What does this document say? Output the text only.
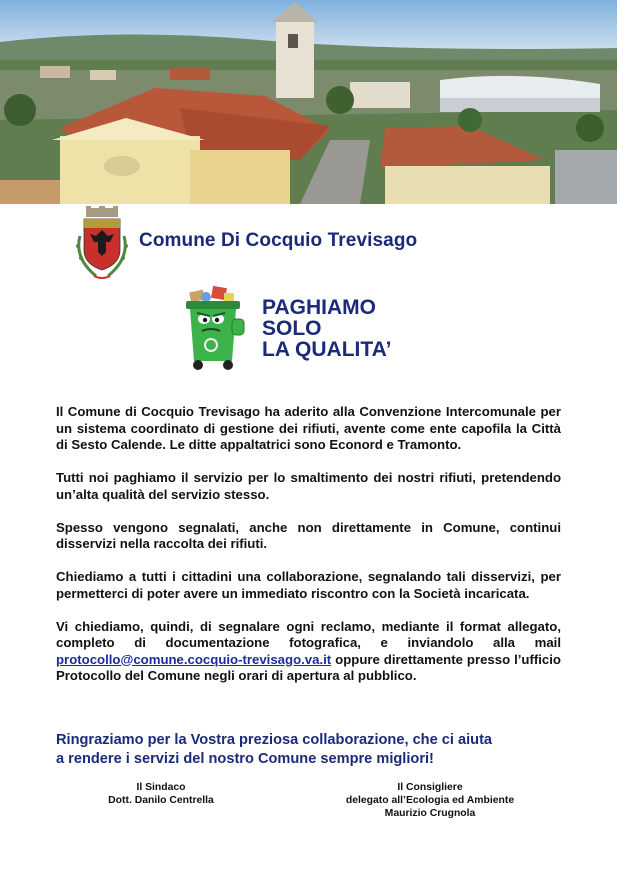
Comune Di Cocquio Trevisago
PAGHIAMO
SOLO
LA QUALITA’

Il Comune di Cocquio Trevisago ha aderito alla Convenzione Intercomunale per un sistema coordinato di gestione dei rifiuti, avente come ente capofila la Città di Sesto Calende. Le ditte appaltatrici sono Econord e Tramonto.

Tutti noi paghiamo il servizio per lo smaltimento dei nostri rifiuti, pretendendo un’alta qualità del servizio stesso.

Spesso vengono segnalati, anche non direttamente in Comune, continui disservizi nella raccolta dei rifiuti.

Chiediamo a tutti i cittadini una collaborazione, segnalando tali disservizi, per permetterci di poter avere un immediato riscontro con la Società incaricata.

Vi chiediamo, quindi, di segnalare ogni reclamo, mediante il format allegato, completo di documentazione fotografica, e inviandolo alla mail protocollo@comune.cocquio-trevisago.va.it oppure direttamente presso l’ufficio Protocollo del Comune negli orari di apertura al pubblico.

Ringraziamo per la Vostra preziosa collaborazione, che ci aiuta
a rendere i servizi del nostro Comune sempre migliori!
Il Sindaco
Dott. Danilo Centrella
Il Consigliere
delegato all’Ecologia ed Ambiente
Maurizio Crugnola
